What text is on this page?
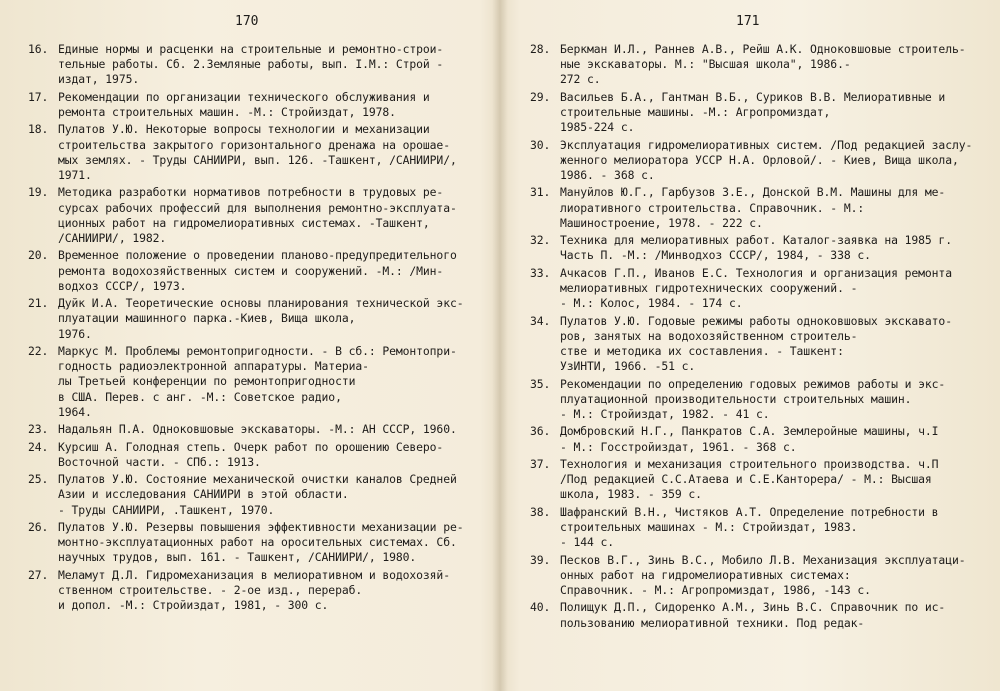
170
16. Единые нормы и расценки на строительные и ремонтно-строи-
тельные работы. Сб. 2.Земляные работы, вып. I.М.: Строй -
издат, 1975.
17. Рекомендации по организации технического обслуживания и
ремонта строительных машин. -М.: Стройиздат, 1978.
18. Пулатов У.Ю. Некоторые вопросы технологии и механизации
строительства закрытого горизонтального дренажа на орошае-
мых землях. - Труды САНИИРИ, вып. 126. -Ташкент, /САНИИРИ/,
1971.
19. Методика разработки нормативов потребности в трудовых ре-
сурсах рабочих профессий для выполнения ремонтно-эксплуата-
ционных работ на гидромелиоративных системах. -Ташкент,
/САНИИРИ/, 1982.
20. Временное положение о проведении планово-предупредительного
ремонта водохозяйственных систем и сооружений. -М.: /Мин-
водхоз СССР/, 1973.
21. Дуйк И.А. Теоретические основы планирования технической экс-
плуатации машинного парка.-Киев, Вища школа,
1976.
22. Маркус М. Проблемы ремонтопригодности. - В сб.: Ремонтопри-
годность радиоэлектронной аппаратуры. Материа-
лы Третьей конференции по ремонтопригодности
в США. Перев. с анг. -М.: Советское радио,
1964.
23. Надальян П.А. Одноковшовые экскаваторы. -М.: АН СССР, 1960.
24. Курсиш А. Голодная степь. Очерк работ по орошению Северо-
Восточной части. - СПб.: 1913.
25. Пулатов У.Ю. Состояние механической очистки каналов Средней
Азии и исследования САНИИРИ в этой области.
- Труды САНИИРИ, .Ташкент, 1970.
26. Пулатов У.Ю. Резервы повышения эффективности механизации ре-
монтно-эксплуатационных работ на оросительных системах. Сб.
научных трудов, вып. 161. - Ташкент, /САНИИРИ/, 1980.
27. Меламут Д.Л. Гидромеханизация в мелиоративном и водохозяй-
ственном строительстве. - 2-ое изд., перераб.
и допол. -М.: Стройиздат, 1981, - 300 с.
171
28. Беркман И.Л., Раннев А.В., Рейш А.К. Одноковшовые строитель-
ные экскаваторы. М.: "Высшая школа", 1986.-
272 с.
29. Васильев Б.А., Гантман В.Б., Суриков В.В. Мелиоративные и
строительные машины. -М.: Агропромиздат,
1985-224 с.
30. Эксплуатация гидромелиоративных систем. /Под редакцией заслу-
женного мелиоратора УССР Н.А. Орловой/. - Киев, Вища школа,
1986. - 368 с.
31. Мануйлов Ю.Г., Гарбузов З.Е., Донской В.М. Машины для ме-
лиоративного строительства. Справочник. - М.:
Машиностроение, 1978. - 222 с.
32. Техника для мелиоративных работ. Каталог-заявка на 1985 г.
Часть П. -М.: /Минводхоз СССР/, 1984, - 338 с.
33. Ачкасов Г.П., Иванов Е.С. Технология и организация ремонта
мелиоративных гидротехнических сооружений. -
- М.: Колос, 1984. - 174 с.
34. Пулатов У.Ю. Годовые режимы работы одноковшовых экскавато-
ров, занятых на водохозяйственном строитель-
стве и методика их составления. - Ташкент:
УзИНТИ, 1966. -51 с.
35. Рекомендации по определению годовых режимов работы и экс-
плуатационной производительности строительных машин.
- М.: Стройиздат, 1982. - 41 с.
36. Домбровский Н.Г., Панкратов С.А. Землеройные машины, ч.I
- М.: Госстройиздат, 1961. - 368 с.
37. Технология и механизация строительного производства. ч.П
/Под редакцией С.С.Атаева и С.Е.Канторера/ - М.: Высшая
школа, 1983. - 359 с.
38. Шафранский В.Н., Чистяков А.Т. Определение потребности в
строительных машинах - М.: Стройиздат, 1983.
- 144 с.
39. Песков В.Г., Зинь В.С., Мобило Л.В. Механизация эксплуатаци-
онных работ на гидромелиоративных системах:
Справочник. - М.: Агропромиздат, 1986, -143 с.
40. Полищук Д.П., Сидоренко А.М., Зинь В.С. Справочник по ис-
пользованию мелиоративной техники. Под редак-
